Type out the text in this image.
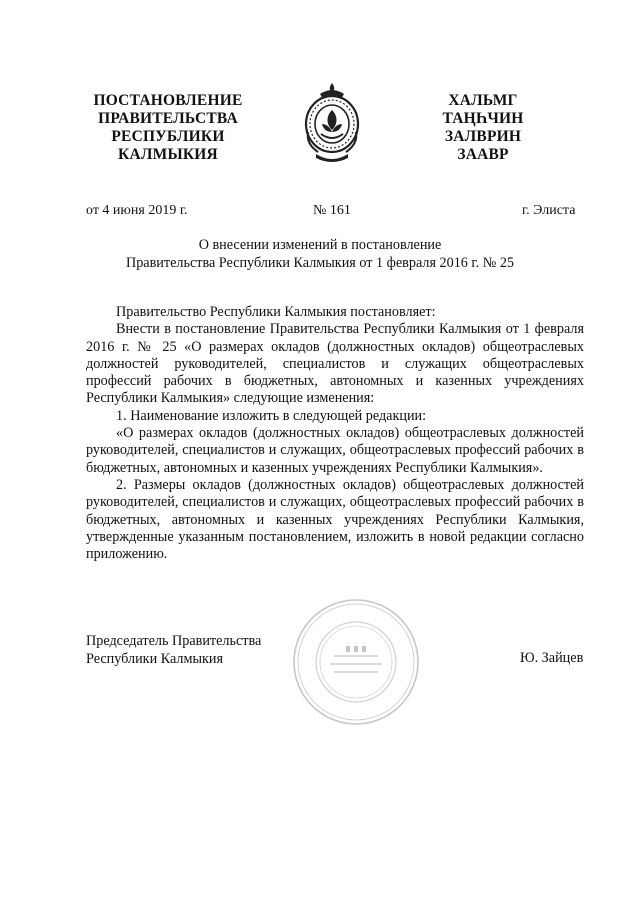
ПОСТАНОВЛЕНИЕ
ПРАВИТЕЛЬСТВА
РЕСПУБЛИКИ
КАЛМЫКИЯ
ХАЛЬМГ
ТАҢҺЧИН
ЗАЛВРИН
ЗААВР
от 4 июня 2019 г.	№ 161	г. Элиста
О внесении изменений в постановление
Правительства Республики Калмыкия от 1 февраля 2016 г. № 25

Правительство Республики Калмыкия постановляет:

Внести в постановление Правительства Республики Калмыкия от 1 февраля 2016 г. № 25 «О размерах окладов (должностных окладов) общеотраслевых должностей руководителей, специалистов и служащих общеотраслевых профессий рабочих в бюджетных, автономных и казенных учреждениях Республики Калмыкия» следующие изменения:

1. Наименование изложить в следующей редакции:

«О размерах окладов (должностных окладов) общеотраслевых должностей руководителей, специалистов и служащих, общеотраслевых профессий рабочих в бюджетных, автономных и казенных учреждениях Республики Калмыкия».

2. Размеры окладов (должностных окладов) общеотраслевых должностей руководителей, специалистов и служащих, общеотраслевых профессий рабочих в бюджетных, автономных и казенных учреждениях Республики Калмыкия, утвержденные указанным постановлением, изложить в новой редакции согласно приложению.

Председатель Правительства
Республики Калмыкия	Ю. Зайцев
